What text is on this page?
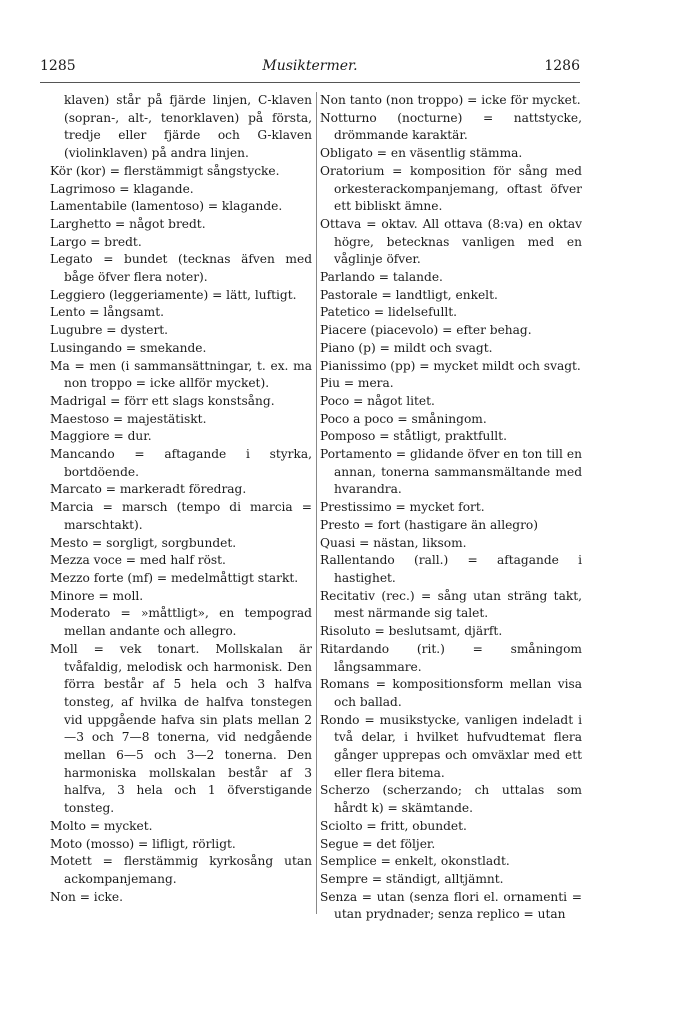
1285	Musiktermer.	1286
klaven) står på fjärde linjen, C-klaven (sopran-, alt-, tenorklaven) på första, tredje eller fjärde och G-klaven (violinklaven) på andra linjen.
Kör (kor) = flerstämmigt sångstycke.
Lagrimoso = klagande.
Lamentabile (lamentoso) = klagande.
Larghetto = något bredt.
Largo = bredt.
Legato = bundet (tecknas äfven med båge öfver flera noter).
Leggiero (leggeriamente) = lätt, luftigt.
Lento = långsamt.
Lugubre = dystert.
Lusingando = smekande.
Ma = men (i sammansättningar, t. ex. ma non troppo = icke allför mycket).
Madrigal = förr ett slags konstsång.
Maestoso = majestätiskt.
Maggiore = dur.
Mancando = aftagande i styrka, bortdöende.
Marcato = markeradt föredrag.
Marcia = marsch (tempo di marcia = marschtakt).
Mesto = sorgligt, sorgbundet.
Mezza voce = med half röst.
Mezzo forte (mf) = medelmåttigt starkt.
Minore = moll.
Moderato = »måttligt», en tempograd mellan andante och allegro.
Moll = vek tonart. Mollskalan är tvåfaldig, melodisk och harmonisk. Den förra består af 5 hela och 3 halfva tonsteg, af hvilka de halfva tonstegen vid uppgående hafva sin plats mellan 2—3 och 7—8 tonerna, vid nedgående mellan 6—5 och 3—2 tonerna. Den harmoniska mollskalan består af 3 halfva, 3 hela och 1 öfverstigande tonsteg.
Molto = mycket.
Moto (mosso) = lifligt, rörligt.
Motett = flerstämmig kyrkosång utan ackompanjemang.
Non = icke.
Non tanto (non troppo) = icke för mycket.
Notturno (nocturne) = nattstycke, drömmande karaktär.
Obligato = en väsentlig stämma.
Oratorium = komposition för sång med orkesterackompanjemang, oftast öfver ett bibliskt ämne.
Ottava = oktav. All ottava (8:va) en oktav högre, betecknas vanligen med en våglinje öfver.
Parlando = talande.
Pastorale = landtligt, enkelt.
Patetico = lidelsefullt.
Piacere (piacevolo) = efter behag.
Piano (p) = mildt och svagt.
Pianissimo (pp) = mycket mildt och svagt.
Piu = mera.
Poco = något litet.
Poco a poco = småningom.
Pomposo = ståtligt, praktfullt.
Portamento = glidande öfver en ton till en annan, tonerna sammansmältande med hvarandra.
Prestissimo = mycket fort.
Presto = fort (hastigare än allegro)
Quasi = nästan, liksom.
Rallentando (rall.) = aftagande i hastighet.
Recitativ (rec.) = sång utan sträng takt, mest närmande sig talet.
Risoluto = beslutsamt, djärft.
Ritardando (rit.) = småningom långsammare.
Romans = kompositionsform mellan visa och ballad.
Rondo = musikstycke, vanligen indeladt i två delar, i hvilket hufvudtemat flera gånger upprepas och omväxlar med ett eller flera bitema.
Scherzo (scherzando; ch uttalas som hårdt k) = skämtande.
Sciolto = fritt, obundet.
Segue = det följer.
Semplice = enkelt, okonstladt.
Sempre = ständigt, alltjämnt.
Senza = utan (senza flori el. ornamenti = utan prydnader; senza replico = utan
